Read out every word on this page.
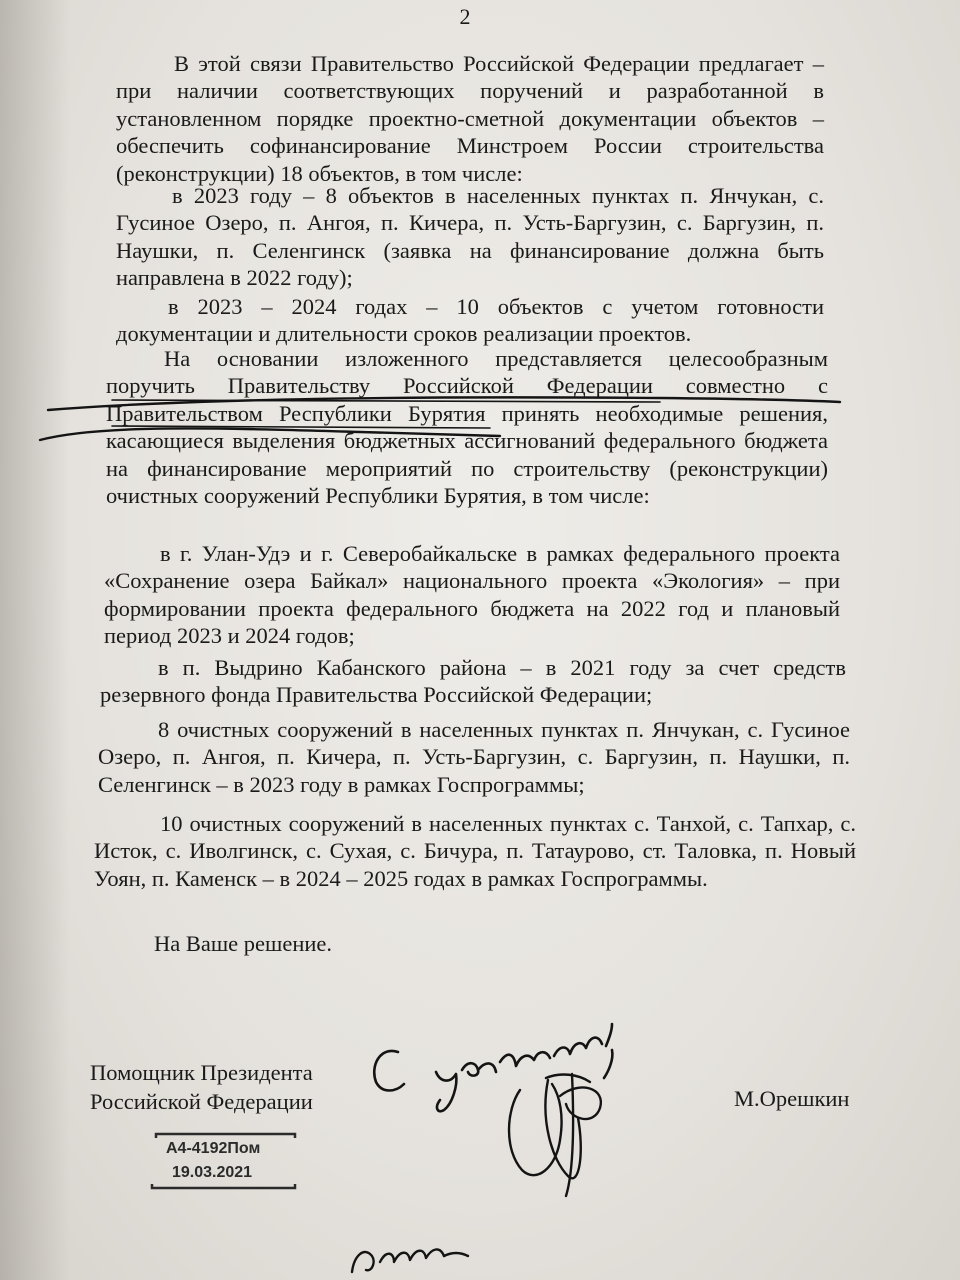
2

В этой связи Правительство Российской Федерации предлагает – при наличии соответствующих поручений и разработанной в установленном порядке проектно-сметной документации объектов – обеспечить софинансирование Минстроем России строительства (реконструкции) 18 объектов, в том числе:

в 2023 году – 8 объектов в населенных пунктах п. Янчукан, с. Гусиное Озеро, п. Ангоя, п. Кичера, п. Усть-Баргузин, с. Баргузин, п. Наушки, п. Селенгинск (заявка на финансирование должна быть направлена в 2022 году);

в 2023 – 2024 годах – 10 объектов с учетом готовности документации и длительности сроков реализации проектов.

На основании изложенного представляется целесообразным поручить Правительству Российской Федерации совместно с Правительством Республики Бурятия принять необходимые решения, касающиеся выделения бюджетных ассигнований федерального бюджета на финансирование мероприятий по строительству (реконструкции) очистных сооружений Республики Бурятия, в том числе:

в г. Улан-Удэ и г. Северобайкальске в рамках федерального проекта «Сохранение озера Байкал» национального проекта «Экология» – при формировании проекта федерального бюджета на 2022 год и плановый период 2023 и 2024 годов;

в п. Выдрино Кабанского района – в 2021 году за счет средств резервного фонда Правительства Российской Федерации;

8 очистных сооружений в населенных пунктах п. Янчукан, с. Гусиное Озеро, п. Ангоя, п. Кичера, п. Усть-Баргузин, с. Баргузин, п. Наушки, п. Селенгинск – в 2023 году в рамках Госпрограммы;

10 очистных сооружений в населенных пунктах с. Танхой, с. Тапхар, с. Исток, с. Иволгинск, с. Сухая, с. Бичура, п. Татаурово, ст. Таловка, п. Новый Уоян, п. Каменск – в 2024 – 2025 годах в рамках Госпрограммы.

На Ваше решение.

Помощник Президента
Российской Федерации	М.Орешкин
А4-4192Пом
19.03.2021
